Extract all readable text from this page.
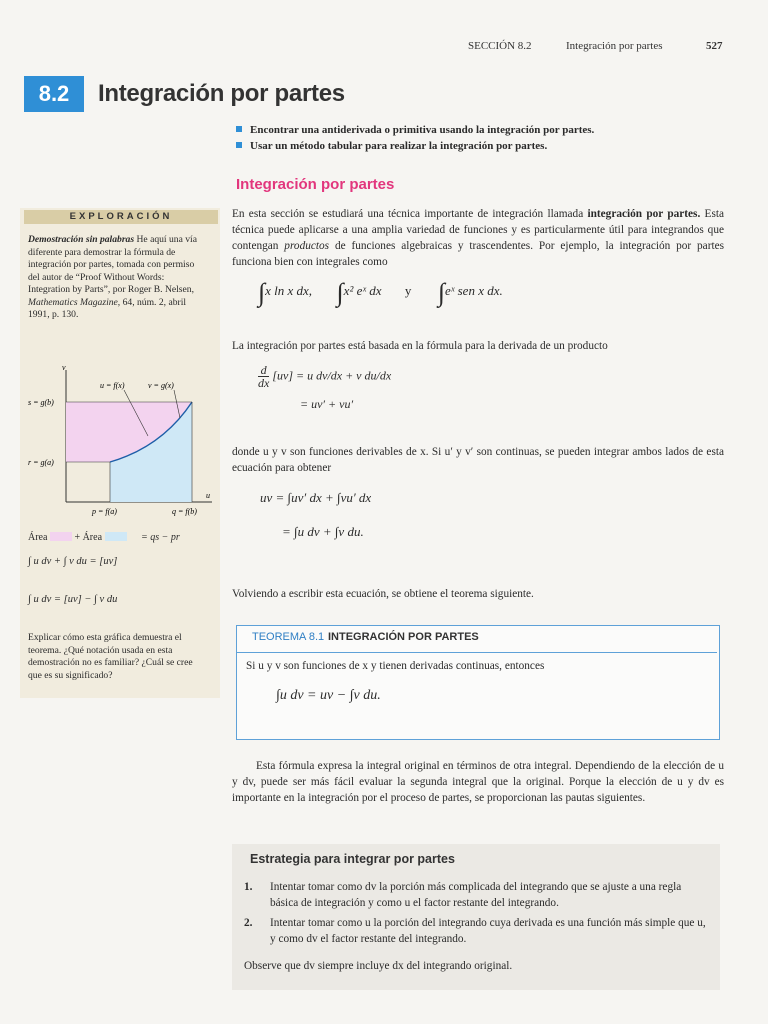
SECCIÓN 8.2	Integración por partes	527
8.2	Integración por partes
Encontrar una antiderivada o primitiva usando la integración por partes.
Usar un método tabular para realizar la integración por partes.
Integración por partes
En esta sección se estudiará una técnica importante de integración llamada integración por partes. Esta técnica puede aplicarse a una amplia variedad de funciones y es particularmente útil para integrandos que contengan productos de funciones algebraicas y trascendentes. Por ejemplo, la integración por partes funciona bien con integrales como
∫x ln x dx, ∫x² eˣ dx y ∫eˣ sen x dx.
La integración por partes está basada en la fórmula para la derivada de un producto
$\frac{d}{dx} [uv] = u$ dv/dx + v du/dx
= uv′ + vu′
donde u y v son funciones derivables de x. Si u′ y v′ son continuas, se pueden integrar ambos lados de esta ecuación para obtener
uv = ∫uv′ dx + ∫vu′ dx
= ∫u dv + ∫v du.
Volviendo a escribir esta ecuación, se obtiene el teorema siguiente.
TEOREMA 8.1 INTEGRACIÓN POR PARTES
Si u y v son funciones de x y tienen derivadas continuas, entonces
∫u dv = uv − ∫v du.
Esta fórmula expresa la integral original en términos de otra integral. Dependiendo de la elección de u y dv, puede ser más fácil evaluar la segunda integral que la original. Porque la elección de u y dv es importante en la integración por el proceso de partes, se proporcionan las pautas siguientes.
Estrategia para integrar por partes
1. Intentar tomar como dv la porción más complicada del integrando que se ajuste a una regla básica de integración y como u el factor restante del integrando.
2. Intentar tomar como u la porción del integrando cuya derivada es una función más simple que u, y como dv el factor restante del integrando.
Observe que dv siempre incluye dx del integrando original.
EXPLORACIÓN
Demostración sin palabras He aquí una vía diferente para demostrar la fórmula de integración por partes, tomada con permiso del autor de “Proof Without Words: Integration by Parts”, por Roger B. Nelsen, Mathematics Magazine, 64, núm. 2, abril 1991, p. 130.
u = f(x)	v = g(x)
s = g(b)
r = g(a)
p = f(a)	q = f(b)
u
v
Área	+ Área	= qs − pr
∫ u dv + ∫ v du = [uv]
∫ u dv = [uv] − ∫ v du
Explicar cómo esta gráfica demuestra el teorema. ¿Qué notación usada en esta demostración no es familiar? ¿Cuál se cree que es su significado?
